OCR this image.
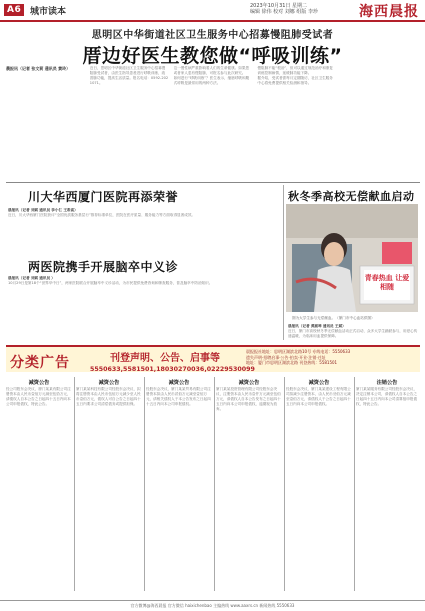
A6 城市读本
2023年10月31日 星期二
编辑 徐伟 校对 刘娜 组版 李珍	海西晨报
思明区中华街道社区卫生服务中心招募慢阻肺受试者
厝边好医生教您做“呼吸训练”
晨报讯（记者 张文莉 通讯员 黄玲）	近日，思明区中华街道社区卫生服务中心招募慢阻肺受试者，由医生指导患者进行呼吸训练，改善肺功能，提高生活质量。报名电话：0592-2021071。

这一慢性病严重影响着人们的生命健康。如果您或者家人患有慢阻肺，可报名参与此次研究。

如何进行“呼吸训练”？医生表示，缩唇呼吸和腹式呼吸是最常用的两种方法。

慢阻肺不能“根治”，但可以通过规范治疗和康复训练控制病情，延缓肺功能下降。

据介绍，受试者需每月定期随访，社区卫生服务中心将免费提供相关检测和指导。

川大华西厦门医院再添荣誉

晨报讯（记者 刘斌 通讯员 李小仁 王希高）

近日，川大华西厦门医院获评“全国优质服务基层行”推荐标准单位，医院在医疗质量、服务能力等方面取得显著成效。

两医院携手开展脑卒中义诊

晨报讯（记者 刘斌 通讯员 ）

10月29日是第18个“世界卒中日”，两家医院联合开展脑卒中义诊活动，为市民提供免费咨询和筛查服务，普及脑卒中防治知识。

秋冬季高校无偿献血启动
青春热血 让爱相随
图为大学生参与无偿献血。（厦门市中心血站供图）

晨报讯（记者 黄淑琴 通讯员 王斌）

近日，厦门市高校秋冬季无偿献血活动正式启动，众多大学生踊跃参与，用爱心传递温暖，为临床用血提供保障。

分类广告	刊登声明、公告、启事等
5550633,5581501,18030270036,02229530099
晨报报社地址：思明区湖滨北路10号 专线电话：5550633
遗失声明·招聘启事·公告·拍卖·开业·注销·迁址
地址：厦门市思明区湖滨北路 刊登热线：5581501
减资公告

经公司股东会决议，厦门某某有限公司注册资本由人民币壹佰万元减至伍拾万元，请债权人自本公告之日起四十五日内向本公司申报债权，特此公告。

减资公告

厦门某某科技有限公司经股东会决议，拟将注册资本由人民币伍佰万元减少至人民币壹佰万元，债权人可自公告之日起四十五日内要求公司清偿债务或提供担保。

减资公告

经股东会决议，厦门某某贸易有限公司注册资本拟由人民币贰佰万元减至壹佰万元，请相关债权人于本公告发布之日起四十五日内向本公司申报债权。

减资公告

厦门某某投资管理有限公司经股东会决议，注册资本由人民币壹仟万元减至伍佰万元，请债权人自本公告发布之日起四十五日内向本公司申报债权，逾期视为放弃。

减资公告

经股东会决议，厦门某某建设工程有限公司拟减少注册资本，由人民币叁佰万元减至壹佰万元，请债权人于公告之日起四十五日内向本公司申报债权。

注销公告

厦门某某服务有限公司经股东会决议，决定注销本公司，请债权人自本公告之日起四十五日内向本公司清算组申报债权，特此公告。

官方微博@海西晨报 官方微信 haixichenbao 主编热线 www.aaxrs.cn 新闻热线 5550633
